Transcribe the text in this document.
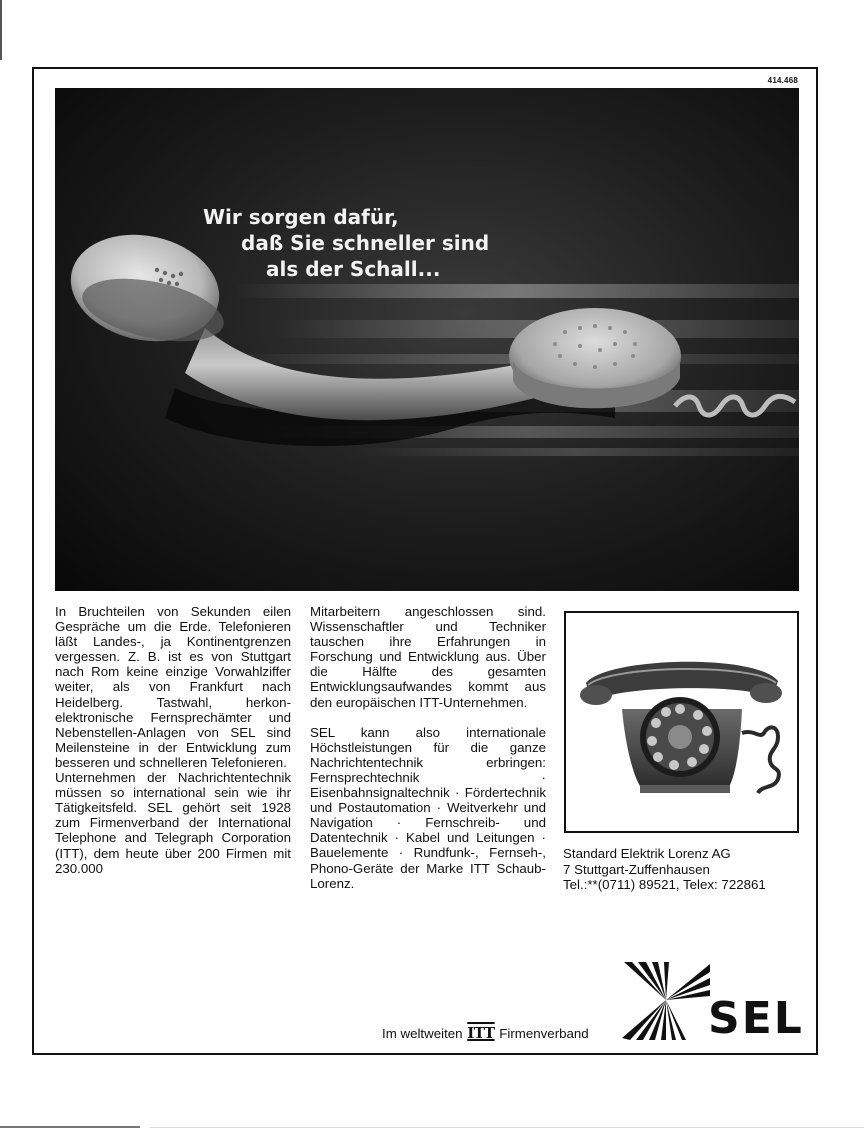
414.468
Wir sorgen dafür,
daß Sie schneller sind
als der Schall...

In Bruchteilen von Sekunden eilen Gespräche um die Erde. Telefonieren läßt Landes-, ja Kontinentgrenzen vergessen. Z. B. ist es von Stuttgart nach Rom keine einzige Vorwahlziffer weiter, als von Frankfurt nach Heidelberg. Tastwahl, herkon-elektronische Fernsprechämter und Nebenstellen-Anlagen von SEL sind Meilensteine in der Entwicklung zum besseren und schnelleren Telefonieren.

Unternehmen der Nachrichtentechnik müssen so international sein wie ihr Tätigkeitsfeld. SEL gehört seit 1928 zum Firmenverband der International Telephone and Telegraph Corporation (ITT), dem heute über 200 Firmen mit 230.000

Mitarbeitern angeschlossen sind. Wissenschaftler und Techniker tauschen ihre Erfahrungen in Forschung und Entwicklung aus. Über die Hälfte des gesamten Entwicklungsaufwandes kommt aus den europäischen ITT-Unternehmen.

SEL kann also internationale Höchstleistungen für die ganze Nachrichtentechnik erbringen: Fernsprechtechnik · Eisenbahnsignaltechnik · Fördertechnik und Postautomation · Weitverkehr und Navigation · Fernschreib- und Datentechnik · Kabel und Leitungen · Bauelemente · Rundfunk-, Fernseh-, Phono-Geräte der Marke ITT Schaub-Lorenz.

Standard Elektrik Lorenz AG
7 Stuttgart-Zuffenhausen
Tel.:**(0711) 89521, Telex: 722861
Im weltweiten ITT Firmenverband	SEL
